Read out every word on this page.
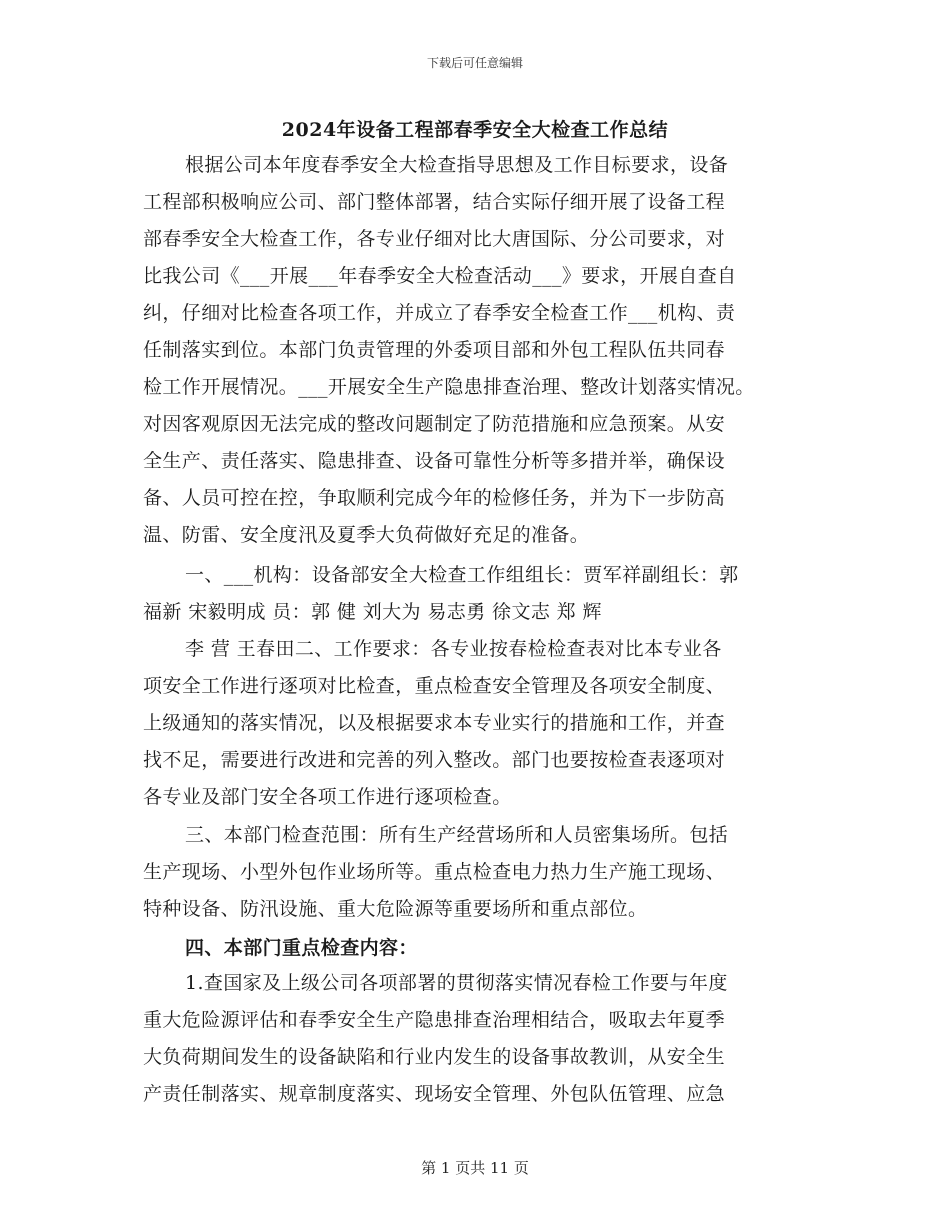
下载后可任意编辑
2024年设备工程部春季安全大检查工作总结
根据公司本年度春季安全大检查指导思想及工作目标要求，设备
工程部积极响应公司、部门整体部署，结合实际仔细开展了设备工程
部春季安全大检查工作，各专业仔细对比大唐国际、分公司要求，对
比我公司《___开展___年春季安全大检查活动___》要求，开展自查自
纠，仔细对比检查各项工作，并成立了春季安全检查工作___机构、责
任制落实到位。本部门负责管理的外委项目部和外包工程队伍共同春
检工作开展情况。___开展安全生产隐患排查治理、整改计划落实情况。
对因客观原因无法完成的整改问题制定了防范措施和应急预案。从安
全生产、责任落实、隐患排查、设备可靠性分析等多措并举，确保设
备、人员可控在控，争取顺利完成今年的检修任务，并为下一步防高
温、防雷、安全度汛及夏季大负荷做好充足的准备。
一、___机构：设备部安全大检查工作组组长：贾军祥副组长：郭
福新 宋毅明成 员：郭 健 刘大为 易志勇 徐文志 郑 辉
李 营 王春田二、工作要求：各专业按春检检查表对比本专业各
项安全工作进行逐项对比检查，重点检查安全管理及各项安全制度、
上级通知的落实情况，以及根据要求本专业实行的措施和工作，并查
找不足，需要进行改进和完善的列入整改。部门也要按检查表逐项对
各专业及部门安全各项工作进行逐项检查。
三、本部门检查范围：所有生产经营场所和人员密集场所。包括
生产现场、小型外包作业场所等。重点检查电力热力生产施工现场、
特种设备、防汛设施、重大危险源等重要场所和重点部位。
四、本部门重点检查内容：
1.查国家及上级公司各项部署的贯彻落实情况春检工作要与年度
重大危险源评估和春季安全生产隐患排查治理相结合，吸取去年夏季
大负荷期间发生的设备缺陷和行业内发生的设备事故教训，从安全生
产责任制落实、规章制度落实、现场安全管理、外包队伍管理、应急
第 1 页共 11 页
